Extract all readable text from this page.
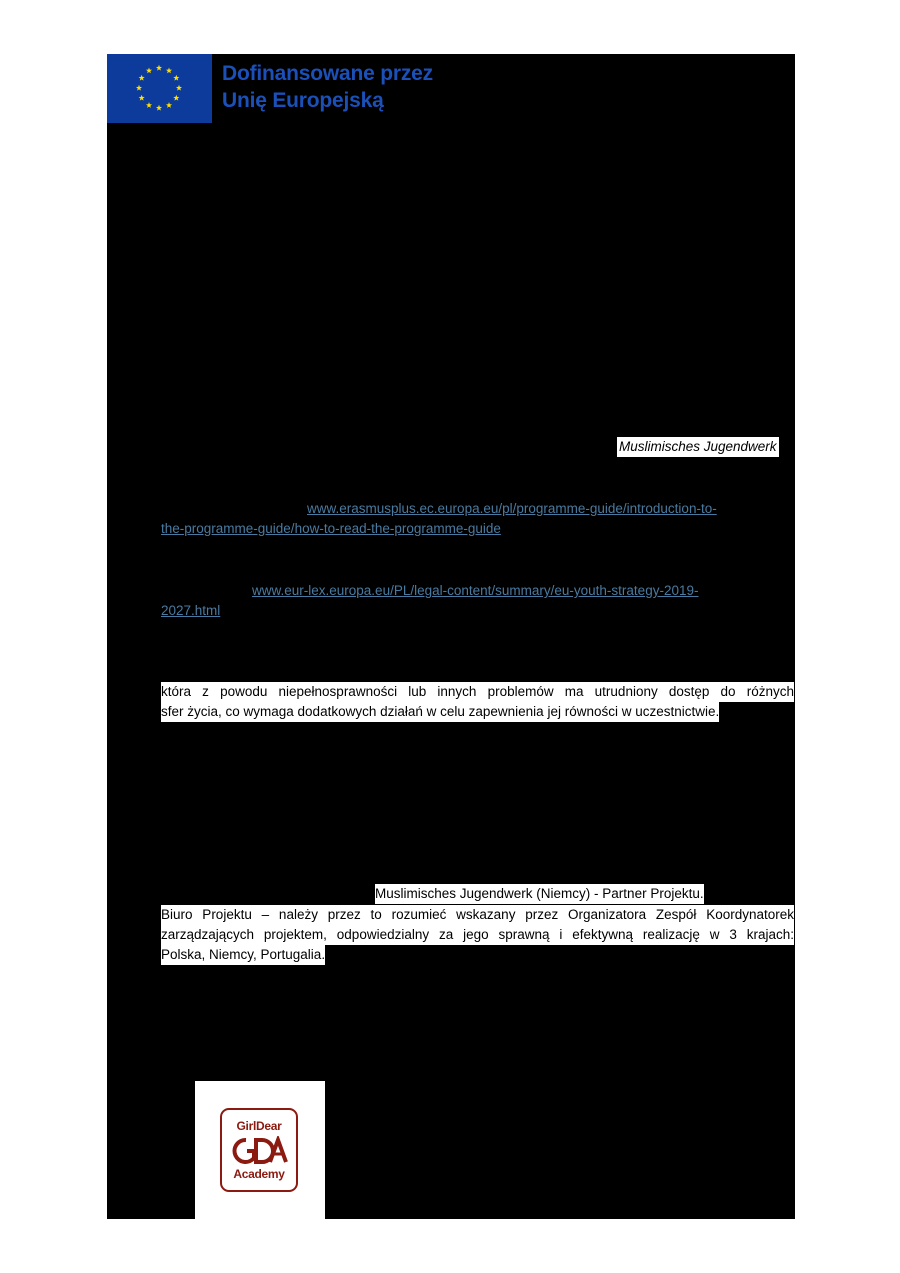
Dofinansowane przez
Unię Europejską
Muslimisches Jugendwerk
www.erasmusplus.ec.europa.eu/pl/programme-guide/introduction-to-
the-programme-guide/how-to-read-the-programme-guide
www.eur-lex.europa.eu/PL/legal-content/summary/eu-youth-strategy-2019-
2027.html
która z powodu niepełnosprawności lub innych problemów ma utrudniony dostęp do różnych
sfer życia, co wymaga dodatkowych działań w celu zapewnienia jej równości w uczestnictwie.
Muslimisches Jugendwerk (Niemcy) - Partner Projektu.
Biuro Projektu – należy przez to rozumieć wskazany przez Organizatora Zespół Koordynatorek
zarządzających projektem, odpowiedzialny za jego sprawną i efektywną realizację w 3 krajach:
Polska, Niemcy, Portugalia.
GirlDear
Academy
